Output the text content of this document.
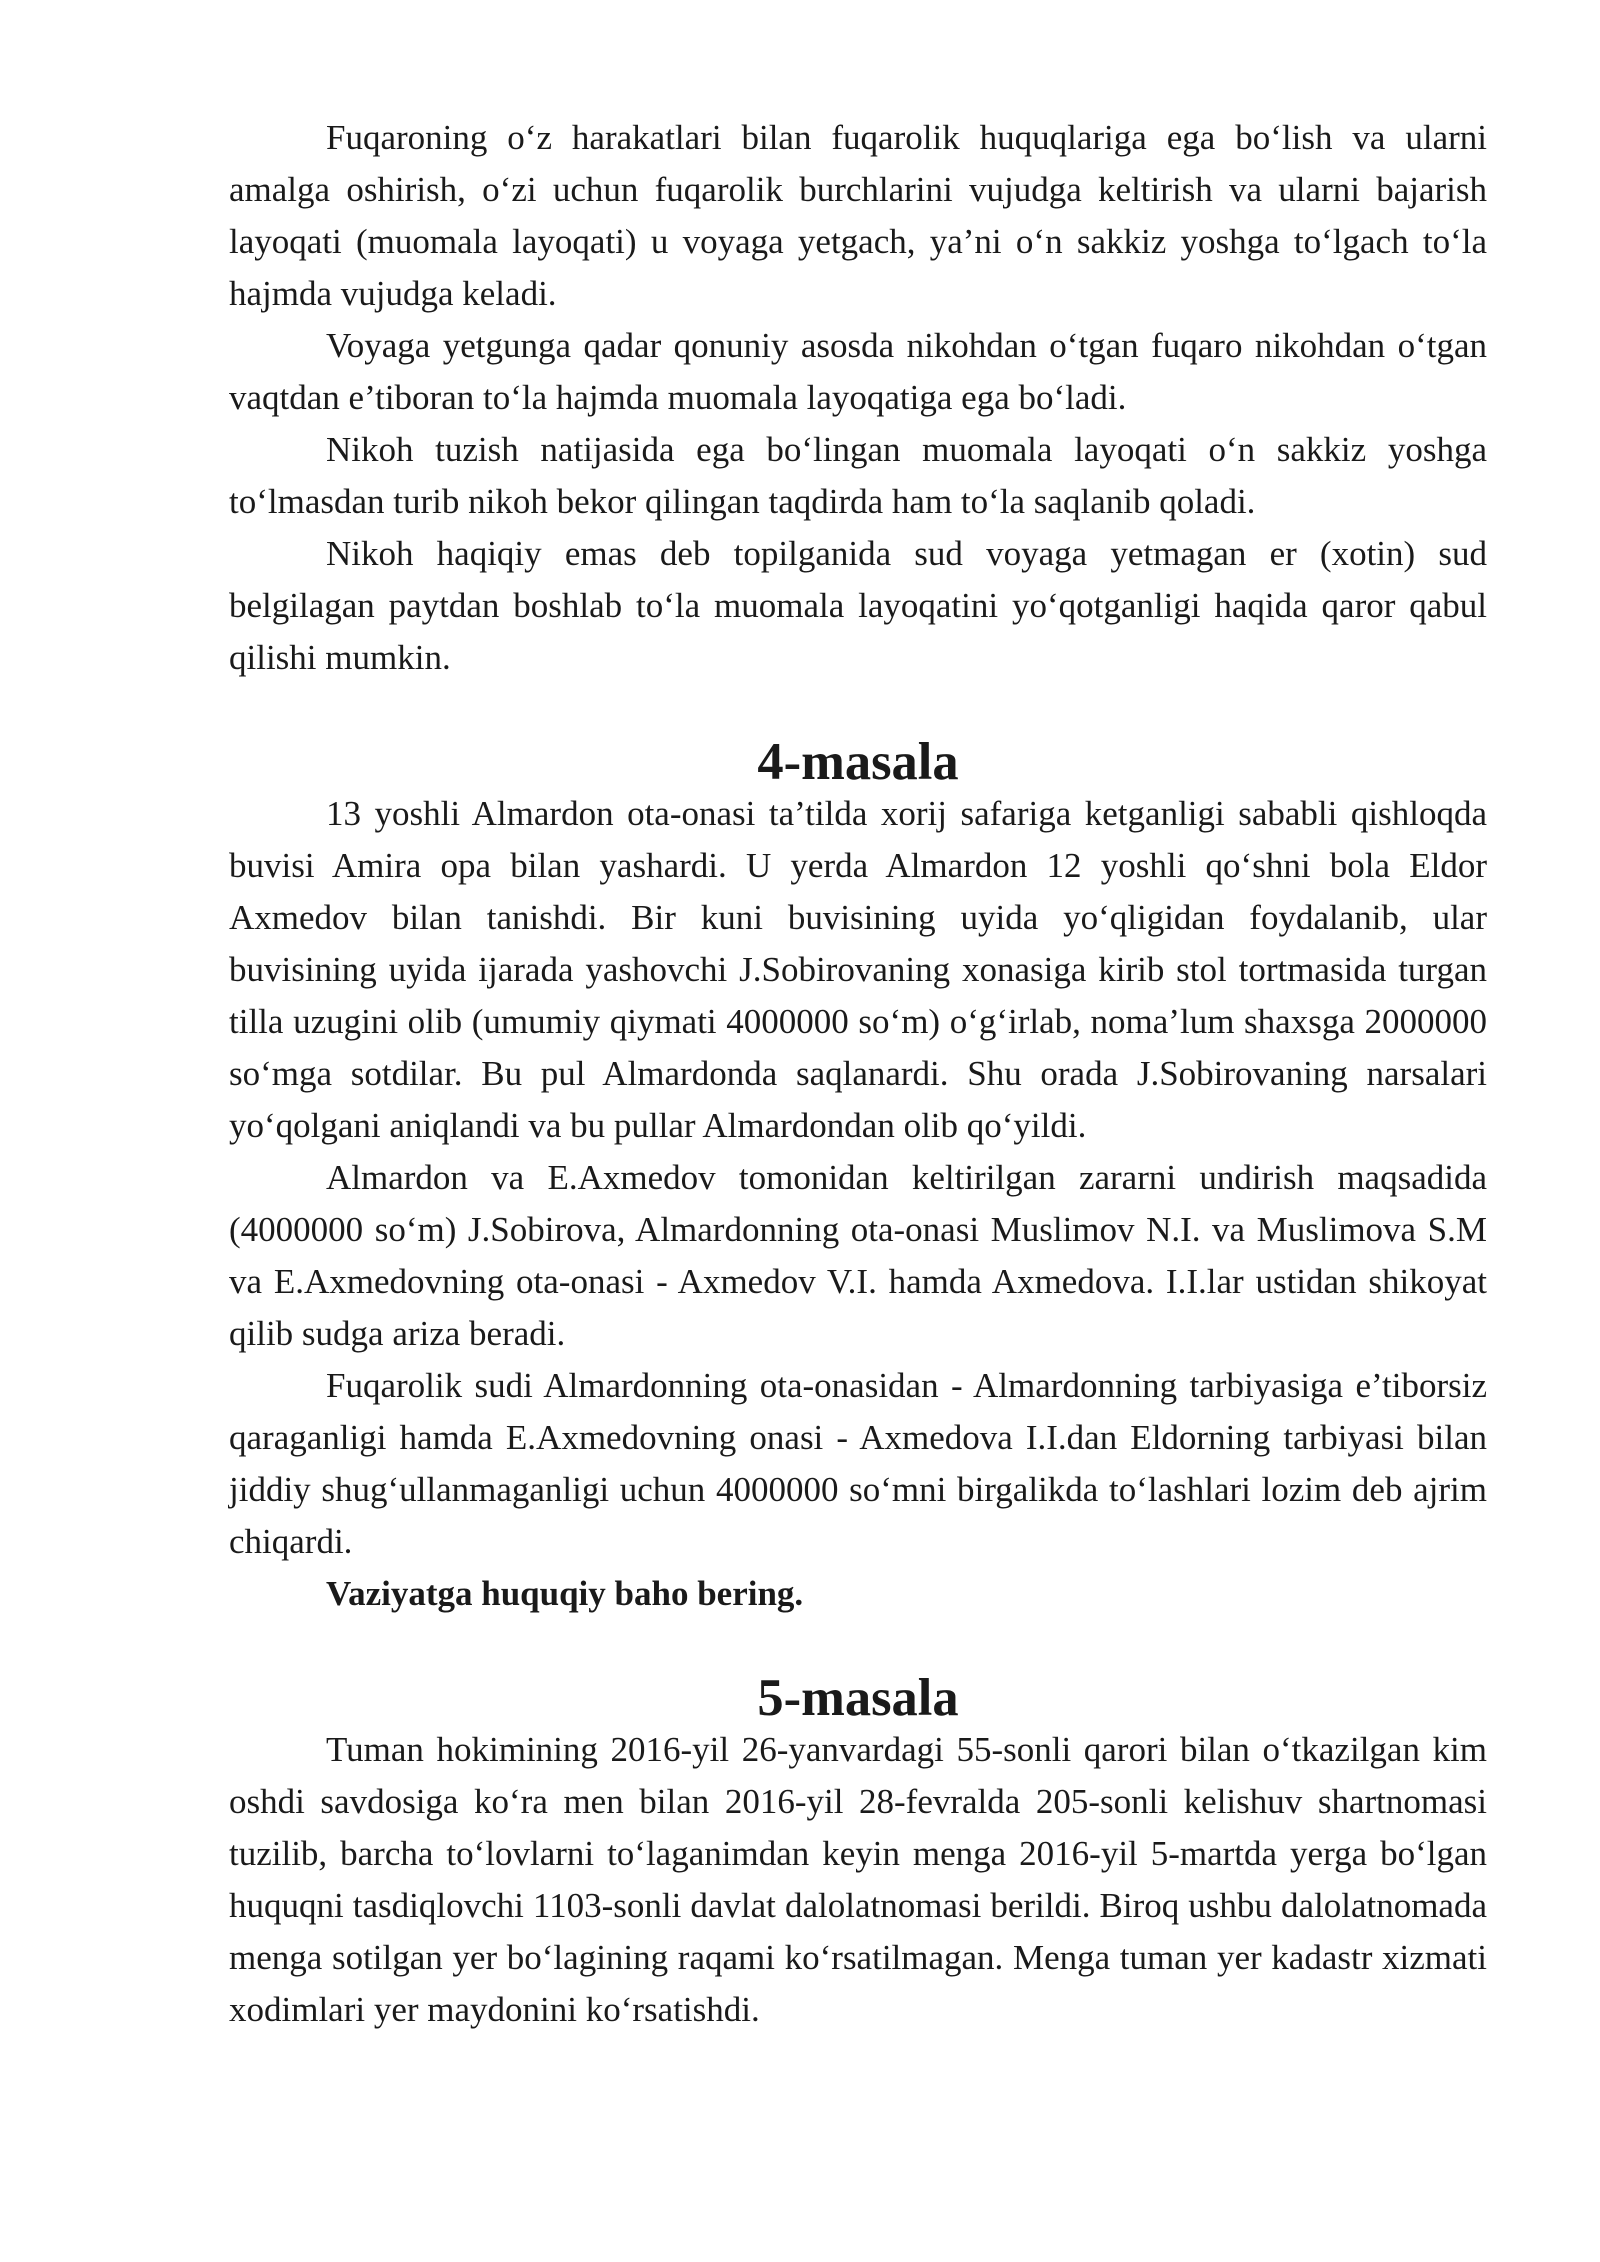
Fuqaroning o‘z harakatlari bilan fuqarolik huquqlariga ega bo‘lish va ularni amalga oshirish, o‘zi uchun fuqarolik burchlarini vujudga keltirish va ularni bajarish layoqati (muomala layoqati) u voyaga yetgach, ya’ni o‘n sakkiz yoshga to‘lgach to‘la hajmda vujudga keladi.

Voyaga yetgunga qadar qonuniy asosda nikohdan o‘tgan fuqaro nikohdan o‘tgan vaqtdan e’tiboran to‘la hajmda muomala layoqatiga ega bo‘ladi.

Nikoh tuzish natijasida ega bo‘lingan muomala layoqati o‘n sakkiz yoshga to‘lmasdan turib nikoh bekor qilingan taqdirda ham to‘la saqlanib qoladi.

Nikoh haqiqiy emas deb topilganida sud voyaga yetmagan er (xotin) sud belgilagan paytdan boshlab to‘la muomala layoqatini yo‘qotganligi haqida qaror qabul qilishi mumkin.

4-masala

13 yoshli Almardon ota-onasi ta’tilda xorij safariga ketganligi sababli qishloqda buvisi Amira opa bilan yashardi. U yerda Almardon 12 yoshli qo‘shni bola Eldor Axmedov bilan tanishdi. Bir kuni buvisining uyida yo‘qligidan foydalanib, ular buvisining uyida ijarada yashovchi J.Sobirovaning xonasiga kirib stol tortmasida turgan tilla uzugini olib (umumiy qiymati 4000000 so‘m) o‘g‘irlab, noma’lum shaxsga 2000000 so‘mga sotdilar. Bu pul Almardonda saqlanardi. Shu orada J.Sobirovaning narsalari yo‘qolgani aniqlandi va bu pullar Almardondan olib qo‘yildi.

Almardon va E.Axmedov tomonidan keltirilgan zararni undirish maqsadida (4000000 so‘m) J.Sobirova, Almardonning ota-onasi Muslimov N.I. va Muslimova S.M va E.Axmedovning ota-onasi - Axmedov V.I. hamda Axmedova. I.I.lar ustidan shikoyat qilib sudga ariza beradi.

Fuqarolik sudi Almardonning ota-onasidan - Almardonning tarbiyasiga e’tiborsiz qaraganligi hamda E.Axmedovning onasi - Axmedova I.I.dan Eldorning tarbiyasi bilan jiddiy shug‘ullanmaganligi uchun 4000000 so‘mni birgalikda to‘lashlari lozim deb ajrim chiqardi.

Vaziyatga huquqiy baho bering.

5-masala

Tuman hokimining 2016-yil 26-yanvardagi 55-sonli qarori bilan o‘tkazilgan kim oshdi savdosiga ko‘ra men bilan 2016-yil 28-fevralda 205-sonli kelishuv shartnomasi tuzilib, barcha to‘lovlarni to‘laganimdan keyin menga 2016-yil 5-martda yerga bo‘lgan huquqni tasdiqlovchi 1103-sonli davlat dalolatnomasi berildi. Biroq ushbu dalolatnomada menga sotilgan yer bo‘lagining raqami ko‘rsatilmagan. Menga tuman yer kadastr xizmati xodimlari yer maydonini ko‘rsatishdi.
